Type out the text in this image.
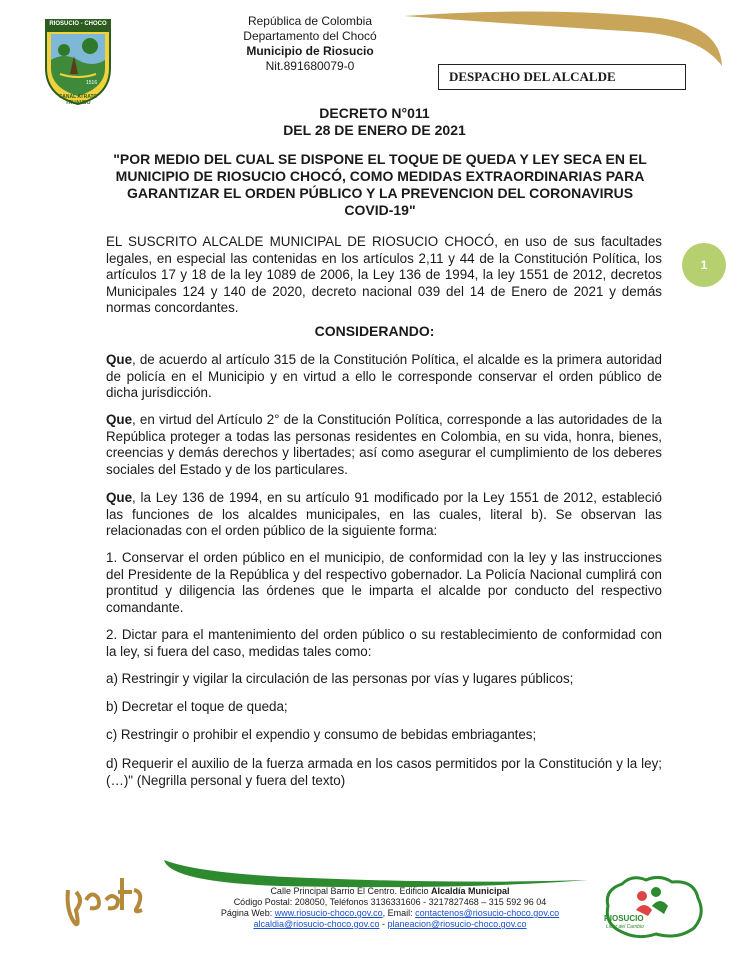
RIOSUCIO - CHOCO
1516
CANAL ATRATO TRUANDO
República de Colombia
Departamento del Chocó
Municipio de Riosucio
Nit.891680079-0
DESPACHO DEL ALCALDE
DECRETO N°011
DEL 28 DE ENERO DE 2021
"POR MEDIO DEL CUAL SE DISPONE EL TOQUE DE QUEDA Y LEY SECA EN EL MUNICIPIO DE RIOSUCIO CHOCÓ, COMO MEDIDAS EXTRAORDINARIAS PARA GARANTIZAR EL ORDEN PÚBLICO Y LA PREVENCION DEL CORONAVIRUS COVID-19"
EL SUSCRITO ALCALDE MUNICIPAL DE RIOSUCIO CHOCÓ, en uso de sus facultades legales, en especial las contenidas en los artículos 2,11 y 44 de la Constitución Política, los artículos 17 y 18 de la ley 1089 de 2006, la Ley 136 de 1994, la ley 1551 de 2012, decretos Municipales 124 y 140 de 2020, decreto nacional 039 del 14 de Enero de 2021 y demás normas concordantes.
1
CONSIDERANDO:
Que, de acuerdo al artículo 315 de la Constitución Política, el alcalde es la primera autoridad de policía en el Municipio y en virtud a ello le corresponde conservar el orden público de dicha jurisdicción.
Que, en virtud del Artículo 2° de la Constitución Política, corresponde a las autoridades de la República proteger a todas las personas residentes en Colombia, en su vida, honra, bienes, creencias y demás derechos y libertades; así como asegurar el cumplimiento de los deberes sociales del Estado y de los particulares.
Que, la Ley 136 de 1994, en su artículo 91 modificado por la Ley 1551 de 2012, estableció las funciones de los alcaldes municipales, en las cuales, literal b). Se observan las relacionadas con el orden público de la siguiente forma:
1. Conservar el orden público en el municipio, de conformidad con la ley y las instrucciones del Presidente de la República y del respectivo gobernador. La Policía Nacional cumplirá con prontitud y diligencia las órdenes que le imparta el alcalde por conducto del respectivo comandante.
2. Dictar para el mantenimiento del orden público o su restablecimiento de conformidad con la ley, si fuera del caso, medidas tales como:
a) Restringir y vigilar la circulación de las personas por vías y lugares públicos;
b) Decretar el toque de queda;
c) Restringir o prohibir el expendio y consumo de bebidas embriagantes;
d) Requerir el auxilio de la fuerza armada en los casos permitidos por la Constitución y la ley; (…)" (Negrilla personal y fuera del texto)
Calle Principal Barrio El Centro. Edificio Alcaldía Municipal
Código Postal: 208050, Teléfonos 3136331606 - 3217827468 – 315 592 96 04
Página Web: www.riosucio-choco.gov.co, Email: contactenos@riosucio-choco.gov.co
alcaldia@riosucio-choco.gov.co - planeacion@riosucio-choco.gov.co
RIOSUCIO
Lider del Cambio
